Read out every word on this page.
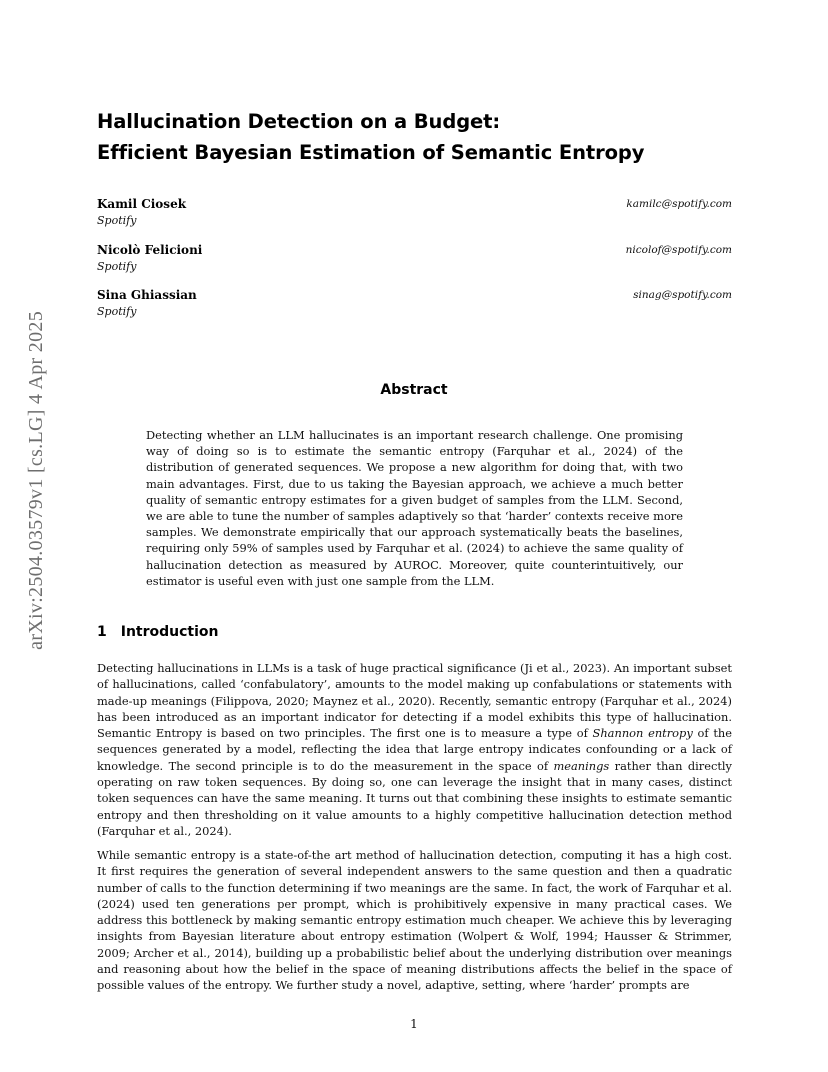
arXiv:2504.03579v1 [cs.LG] 4 Apr 2025
Hallucination Detection on a Budget:
Efficient Bayesian Estimation of Semantic Entropy
Kamil Ciosek
Spotify
kamilc@spotify.com
Nicolò Felicioni
Spotify
nicolof@spotify.com
Sina Ghiassian
Spotify
sinag@spotify.com
Abstract

Detecting whether an LLM hallucinates is an important research challenge. One promising way of doing so is to estimate the semantic entropy (Farquhar et al., 2024) of the distribution of generated sequences. We propose a new algorithm for doing that, with two main advantages. First, due to us taking the Bayesian approach, we achieve a much better quality of semantic entropy estimates for a given budget of samples from the LLM. Second, we are able to tune the number of samples adaptively so that ‘harder’ contexts receive more samples. We demonstrate empirically that our approach systematically beats the baselines, requiring only 59% of samples used by Farquhar et al. (2024) to achieve the same quality of hallucination detection as measured by AUROC. Moreover, quite counterintuitively, our estimator is useful even with just one sample from the LLM.

1 Introduction

Detecting hallucinations in LLMs is a task of huge practical significance (Ji et al., 2023). An important subset of hallucinations, called ‘confabulatory’, amounts to the model making up confabulations or statements with made-up meanings (Filippova, 2020; Maynez et al., 2020). Recently, semantic entropy (Farquhar et al., 2024) has been introduced as an important indicator for detecting if a model exhibits this type of hallucination. Semantic Entropy is based on two principles. The first one is to measure a type of Shannon entropy of the sequences generated by a model, reflecting the idea that large entropy indicates confounding or a lack of knowledge. The second principle is to do the measurement in the space of meanings rather than directly operating on raw token sequences. By doing so, one can leverage the insight that in many cases, distinct token sequences can have the same meaning. It turns out that combining these insights to estimate semantic entropy and then thresholding on it value amounts to a highly competitive hallucination detection method (Farquhar et al., 2024).

While semantic entropy is a state-of-the art method of hallucination detection, computing it has a high cost. It first requires the generation of several independent answers to the same question and then a quadratic number of calls to the function determining if two meanings are the same. In fact, the work of Farquhar et al. (2024) used ten generations per prompt, which is prohibitively expensive in many practical cases. We address this bottleneck by making semantic entropy estimation much cheaper. We achieve this by leveraging insights from Bayesian literature about entropy estimation (Wolpert & Wolf, 1994; Hausser & Strimmer, 2009; Archer et al., 2014), building up a probabilistic belief about the underlying distribution over meanings and reasoning about how the belief in the space of meaning distributions affects the belief in the space of possible values of the entropy. We further study a novel, adaptive, setting, where ‘harder’ prompts are

1
